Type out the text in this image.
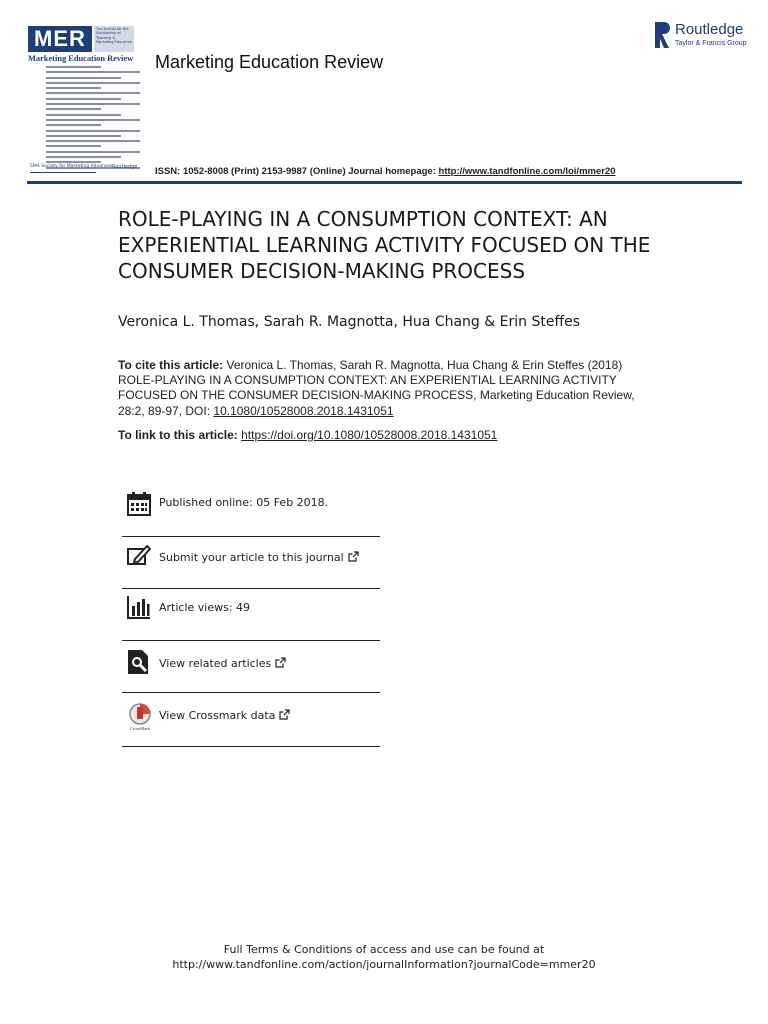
MER	The Journal for the Scholarship of Teaching & Marketing Education
Marketing Education Review
SMA Society for Marketing Advances Routledge
Marketing Education Review
Routledge
Taylor & Francis Group
ISSN: 1052-8008 (Print) 2153-9987 (Online) Journal homepage: http://www.tandfonline.com/loi/mmer20
ROLE-PLAYING IN A CONSUMPTION CONTEXT: AN EXPERIENTIAL LEARNING ACTIVITY FOCUSED ON THE CONSUMER DECISION-MAKING PROCESS
Veronica L. Thomas, Sarah R. Magnotta, Hua Chang & Erin Steffes
To cite this article: Veronica L. Thomas, Sarah R. Magnotta, Hua Chang & Erin Steffes (2018) ROLE-PLAYING IN A CONSUMPTION CONTEXT: AN EXPERIENTIAL LEARNING ACTIVITY FOCUSED ON THE CONSUMER DECISION-MAKING PROCESS, Marketing Education Review, 28:2, 89-97, DOI: 10.1080/10528008.2018.1431051
To link to this article: https://doi.org/10.1080/10528008.2018.1431051
Published online: 05 Feb 2018.
Submit your article to this journal
Article views: 49
View related articles
CrossMark
View Crossmark data
Full Terms & Conditions of access and use can be found at
http://www.tandfonline.com/action/journalInformation?journalCode=mmer20
